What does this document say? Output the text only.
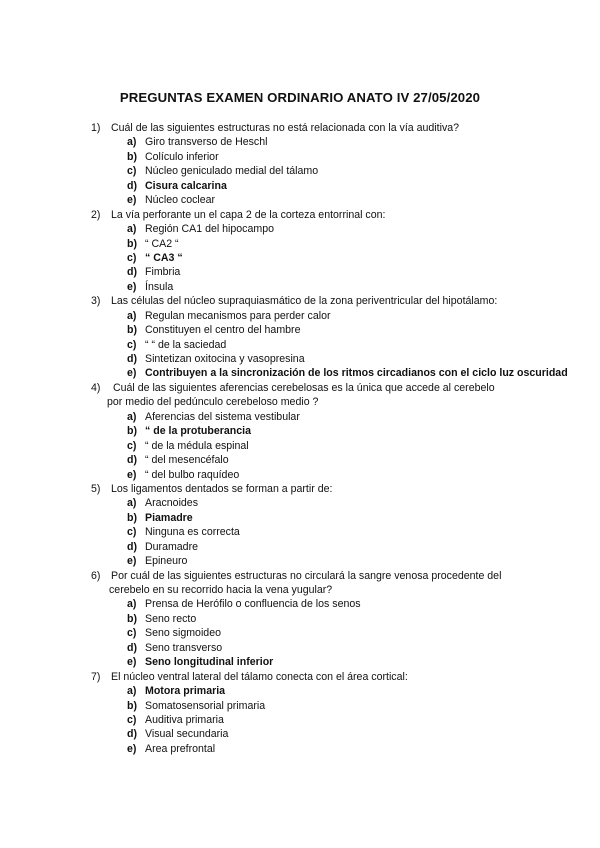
PREGUNTAS EXAMEN ORDINARIO ANATO IV 27/05/2020
1) Cuál de las siguientes estructuras no está relacionada con la vía auditiva?
a) Giro transverso de Heschl
b) Colículo inferior
c) Núcleo geniculado medial del tálamo
d) Cisura calcarina
e) Núcleo coclear
2) La vía perforante un el capa 2 de la corteza entorrinal con:
a) Región CA1 del hipocampo
b) “ CA2 “
c) “ CA3 “
d) Fimbria
e) Ínsula
3) Las células del núcleo supraquiasmático de la zona periventricular del hipotálamo:
a) Regulan mecanismos para perder calor
b) Constituyen el centro del hambre
c) “ “ de la saciedad
d) Sintetizan oxitocina y vasopresina
e) Contribuyen a la sincronización de los ritmos circadianos con el ciclo luz oscuridad
4) Cuál de las siguientes aferencias cerebelosas es la única que accede al cerebelo
por medio del pedúnculo cerebeloso medio ?
a) Aferencias del sistema vestibular
b) “ de la protuberancia
c) “ de la médula espinal
d) “ del mesencéfalo
e) “ del bulbo raquídeo
5) Los ligamentos dentados se forman a partir de:
a) Aracnoides
b) Piamadre
c) Ninguna es correcta
d) Duramadre
e) Epineuro
6) Por cuál de las siguientes estructuras no circulará la sangre venosa procedente del
cerebelo en su recorrido hacia la vena yugular?
a) Prensa de Herófilo o confluencia de los senos
b) Seno recto
c) Seno sigmoideo
d) Seno transverso
e) Seno longitudinal inferior
7) El núcleo ventral lateral del tálamo conecta con el área cortical:
a) Motora primaria
b) Somatosensorial primaria
c) Auditiva primaria
d) Visual secundaria
e) Area prefrontal
